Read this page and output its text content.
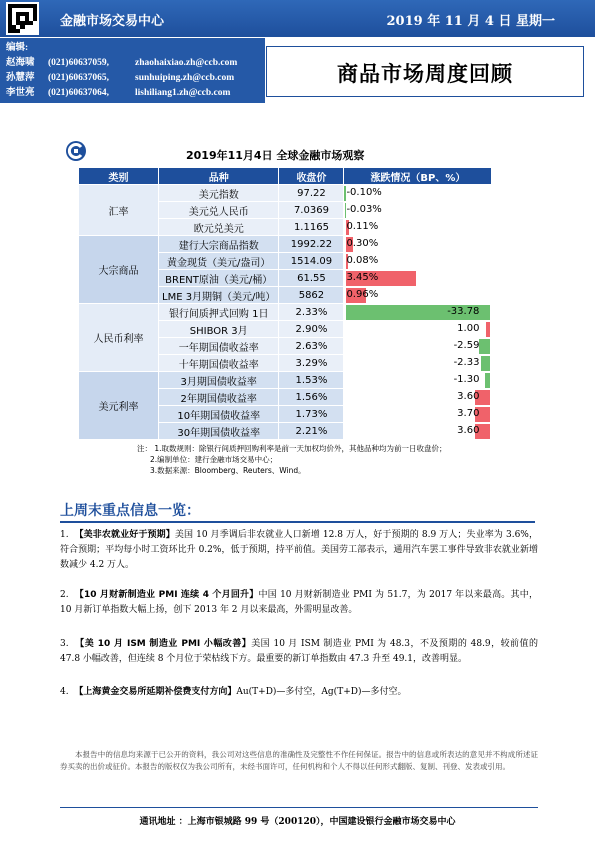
金融市场交易中心	2019 年 11 月 4 日 星期一
编辑:
赵海啸 (021)60637059,	zhaohaixiao.zh@ccb.com
孙慧萍 (021)60637065,	sunhuiping.zh@ccb.com
李世亮 (021)60637064,	lishiliang1.zh@ccb.com
商品市场周度回顾
2019年11月4日 全球金融市场观察
类别	品种	收盘价	涨跌情况（BP、%）
汇率	美元指数	97.22	-0.10%

	美元兑人民币	7.0369	-0.03%

	欧元兑美元	1.1165	0.11%

大宗商品	建行大宗商品指数	1992.22	0.30%

	黄金现货（美元/盎司）	1514.09	0.08%

	BRENT原油（美元/桶）	61.55	3.45%

	LME 3月期铜（美元/吨）	5862	0.96%

人民币利率	银行间质押式回购 1日	2.33%	-33.78

	SHIBOR 3月	2.90%	1.00

	一年期国债收益率	2.63%	-2.59

	十年期国债收益率	3.29%	-2.33

美元利率	3月期国债收益率	1.53%	-1.30

	2年期国债收益率	1.56%	3.60

	10年期国债收益率	1.73%	3.70

	30年期国债收益率	2.21%	3.60
注： 1.取数规则：除银行间质押回购利率是前一天加权均价外，其他品种均为前一日收盘价；
2.编制单位：建行金融市场交易中心；
3.数据来源：Bloomberg、Reuters、Wind。
上周末重点信息一览：
1. 【美非农就业好于预期】美国 10 月季调后非农就业人口新增 12.8 万人，好于预期的 8.9 万人；失业率为 3.6%，符合预期；平均每小时工资环比升 0.2%，低于预期，持平前值。美国劳工部表示，通用汽车罢工事件导致非农就业新增数减少 4.2 万人。
2. 【10 月财新制造业 PMI 连续 4 个月回升】中国 10 月财新制造业 PMI 为 51.7，为 2017 年以来最高。其中，10 月新订单指数大幅上扬，创下 2013 年 2 月以来最高，外需明显改善。
3. 【美 10 月 ISM 制造业 PMI 小幅改善】美国 10 月 ISM 制造业 PMI 为 48.3，不及预期的 48.9，较前值的 47.8 小幅改善，但连续 8 个月位于荣枯线下方。最重要的新订单指数由 47.3 升至 49.1，改善明显。
4. 【上海黄金交易所延期补偿费支付方向】Au(T+D)—多付空，Ag(T+D)—多付空。
本报告中的信息均来源于已公开的资料，我公司对这些信息的准确性及完整性不作任何保证。报告中的信息或所表达的意见并不构成所述证券买卖的出价或征价。本报告的版权仅为我公司所有，未经书面许可，任何机构和个人不得以任何形式翻版、复制、刊登、发表或引用。
通讯地址 ：上海市银城路 99 号（200120），中国建设银行金融市场交易中心
